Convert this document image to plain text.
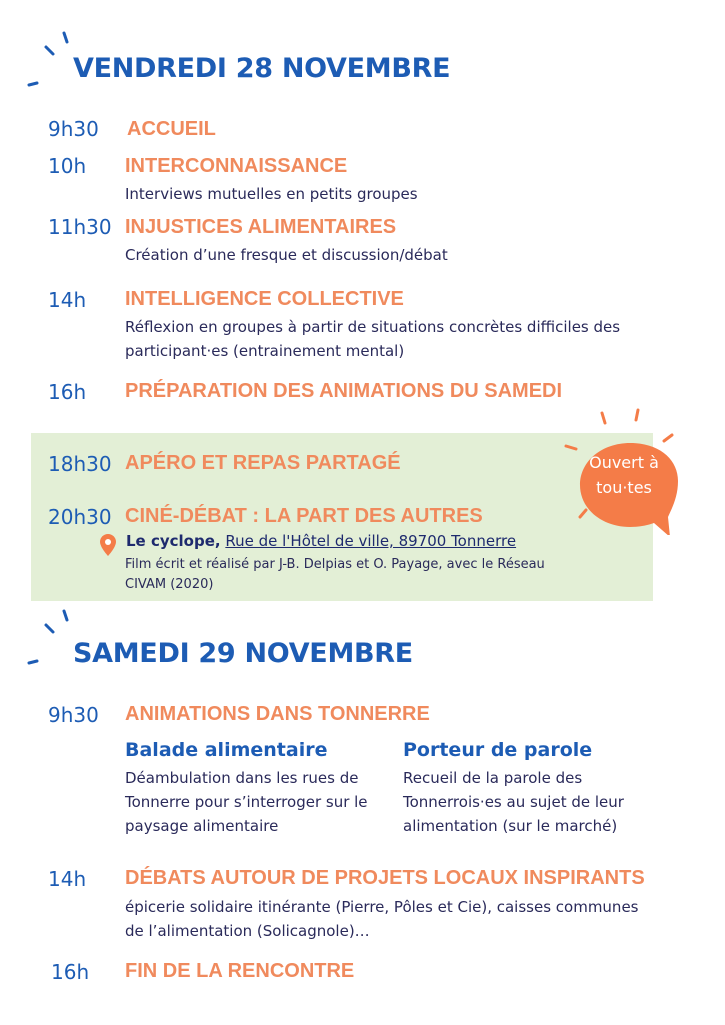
VENDREDI 28 NOVEMBRE
9h30 ACCUEIL
10h INTERCONNAISSANCE
Interviews mutuelles en petits groupes
11h30 INJUSTICES ALIMENTAIRES
Création d’une fresque et discussion/débat
14h INTELLIGENCE COLLECTIVE
Réflexion en groupes à partir de situations concrètes difficiles des participant·es (entrainement mental)
16h PRÉPARATION DES ANIMATIONS DU SAMEDI
18h30 APÉRO ET REPAS PARTAGÉ
20h30 CINÉ-DÉBAT : LA PART DES AUTRES
Le cyclope, Rue de l'Hôtel de ville, 89700 Tonnerre
Film écrit et réalisé par J-B. Delpias et O. Payage, avec le Réseau CIVAM (2020)
Ouvert à
tou·tes
SAMEDI 29 NOVEMBRE
9h30 ANIMATIONS DANS TONNERRE
Balade alimentaire
Déambulation dans les rues de Tonnerre pour s’interroger sur le paysage alimentaire
Porteur de parole
Recueil de la parole des Tonnerrois·es au sujet de leur alimentation (sur le marché)
14h DÉBATS AUTOUR DE PROJETS LOCAUX INSPIRANTS
épicerie solidaire itinérante (Pierre, Pôles et Cie), caisses communes de l’alimentation (Solicagnole)…
16h FIN DE LA RENCONTRE
